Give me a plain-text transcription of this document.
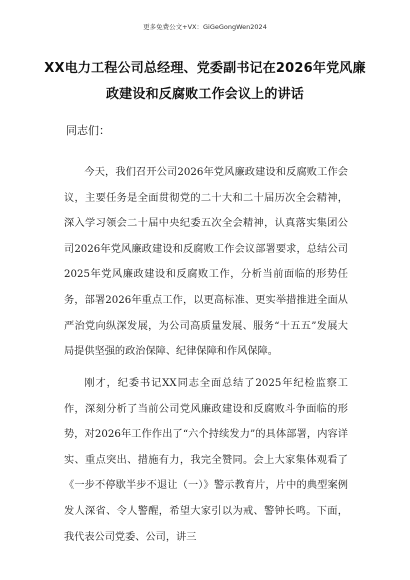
更多免费公文+VX：GiGeGongWen2024
XX电力工程公司总经理、党委副书记在2026年党风廉政建设和反腐败工作会议上的讲话
同志们：
今天，我们召开公司2026年党风廉政建设和反腐败工作会议，主要任务是全面贯彻党的二十大和二十届历次全会精神，深入学习领会二十届中央纪委五次全会精神，认真落实集团公司2026年党风廉政建设和反腐败工作会议部署要求，总结公司2025年党风廉政建设和反腐败工作，分析当前面临的形势任务，部署2026年重点工作，以更高标准、更实举措推进全面从严治党向纵深发展，为公司高质量发展、服务“十五五”发展大局提供坚强的政治保障、纪律保障和作风保障。
刚才，纪委书记XX同志全面总结了2025年纪检监察工作，深刻分析了当前公司党风廉政建设和反腐败斗争面临的形势，对2026年工作作出了“六个持续发力”的具体部署，内容详实、重点突出、措施有力，我完全赞同。会上大家集体观看了《一步不停歇半步不退让（一）》警示教育片，片中的典型案例发人深省、令人警醒，希望大家引以为戒、警钟长鸣。下面，我代表公司党委、公司，讲三
